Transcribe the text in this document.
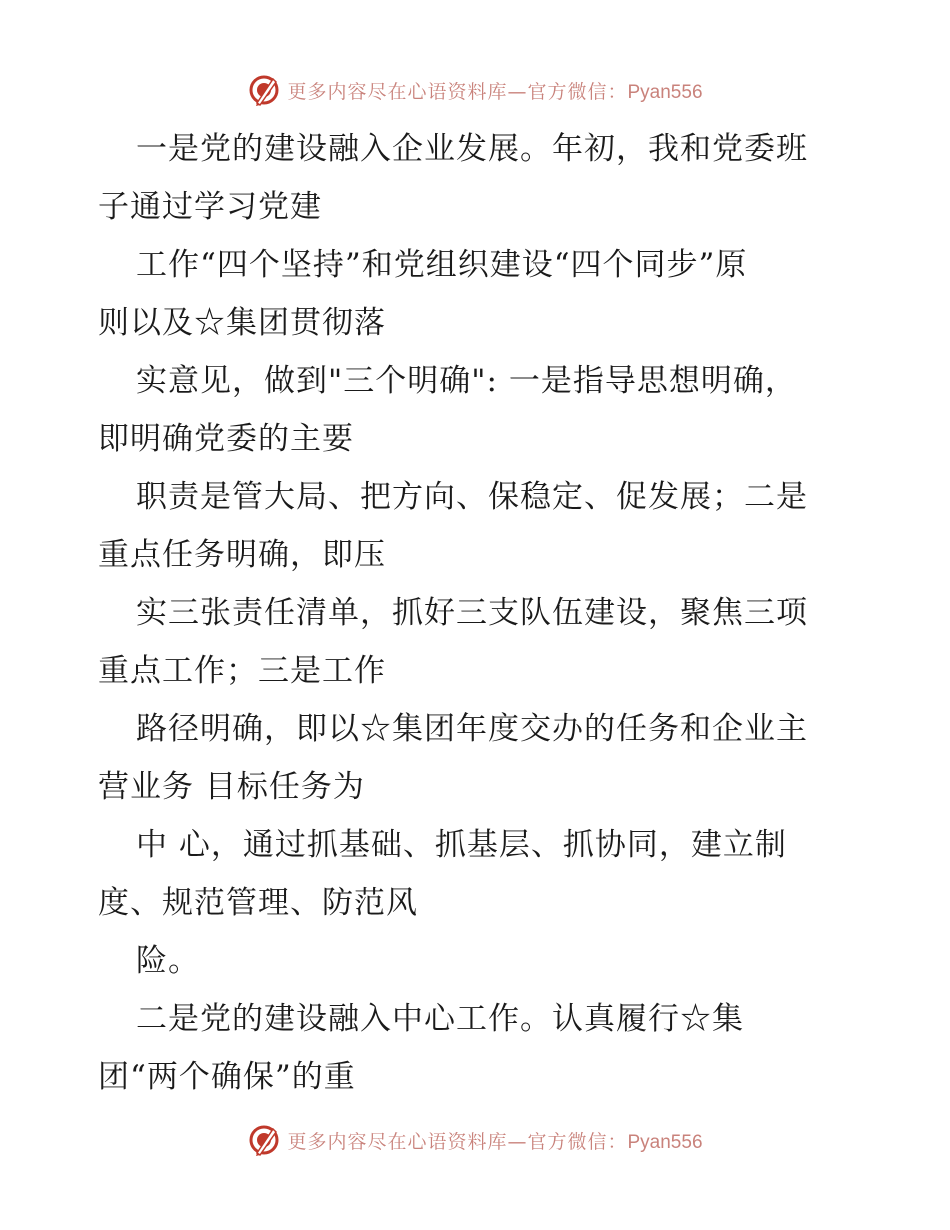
更多内容尽在心语资料库—官方微信：Pyan556
一是党的建设融入企业发展。年初，我和党委班
子通过学习党建
工作“四个坚持”和党组织建设“四个同步”原
则以及☆集团贯彻落
实意见，做到"三个明确": 一是指导思想明确，
即明确党委的主要
职责是管大局、把方向、保稳定、促发展；二是
重点任务明确，即压
实三张责任清单，抓好三支队伍建设，聚焦三项
重点工作；三是工作
路径明确，即以☆集团年度交办的任务和企业主
营业务 目标任务为
中 心，通过抓基础、抓基层、抓协同，建立制
度、规范管理、防范风
险。
二是党的建设融入中心工作。认真履行☆集
团“两个确保”的重
更多内容尽在心语资料库—官方微信：Pyan556
